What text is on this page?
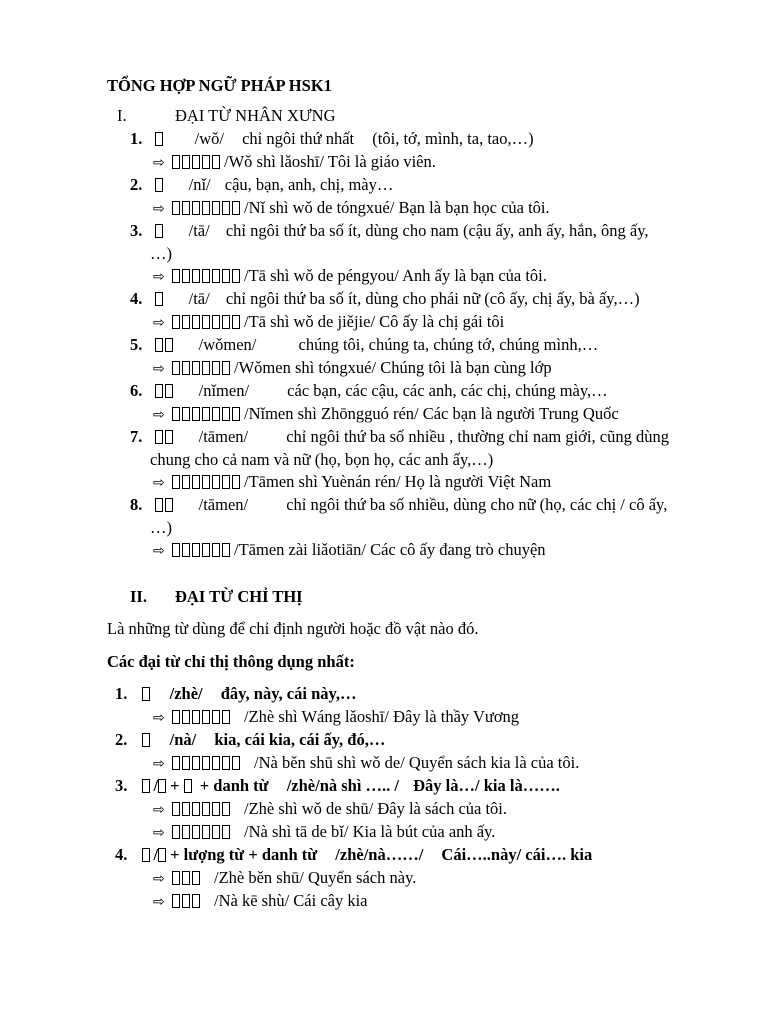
TỔNG HỢP NGỮ PHÁP HSK1
I.	ĐẠI TỪ NHÂN XƯNG
1.	/wǒ/ chỉ ngôi thứ nhất (tôi, tớ, mình, ta, tao,…)
⇨	/Wǒ shì lǎoshī/ Tôi là giáo viên.
2.	/nǐ/ cậu, bạn, anh, chị, mày…
⇨	/Nǐ shì wǒ de tóngxué/ Bạn là bạn học của tôi.
3.	/tā/ chỉ ngôi thứ ba số ít, dùng cho nam (cậu ấy, anh ấy, hắn, ông ấy,
…)
⇨	/Tā shì wǒ de péngyou/ Anh ấy là bạn của tôi.
4.	/tā/ chỉ ngôi thứ ba số ít, dùng cho phái nữ (cô ấy, chị ấy, bà ấy,…)
⇨	/Tā shì wǒ de jiějie/ Cô ấy là chị gái tôi
5.	/wǒmen/	chúng tôi, chúng ta, chúng tớ, chúng mình,…
⇨	/Wǒmen shì tóngxué/ Chúng tôi là bạn cùng lớp
6.	/nǐmen/ các bạn, các cậu, các anh, các chị, chúng mày,…
⇨	/Nǐmen shì Zhōngguó rén/ Các bạn là người Trung Quốc
7.	/tāmen/ chỉ ngôi thứ ba số nhiều , thường chỉ nam giới, cũng dùng
chung cho cả nam và nữ (họ, bọn họ, các anh ấy,…)
⇨	/Tāmen shì Yuènán rén/ Họ là người Việt Nam
8.	/tāmen/ chỉ ngôi thứ ba số nhiều, dùng cho nữ (họ, các chị / cô ấy,
…)
⇨	/Tāmen zài liǎotiān/ Các cô ấy đang trò chuyện
II. ĐẠI TỪ CHỈ THỊ
Là những từ dùng để chỉ định người hoặc đồ vật nào đó.
Các đại từ chỉ thị thông dụng nhất:
1.	/zhè/ đây, này, cái này,…
⇨	/Zhè shì Wáng lǎoshī/ Đây là thầy Vương
2.	/nà/ kia, cái kia, cái ấy, đó,…
⇨	/Nà běn shū shì wǒ de/ Quyển sách kia là của tôi.
3. / + + danh từ /zhè/nà shì ….. / Đây là…/ kia là…….
⇨	/Zhè shì wǒ de shū/ Đây là sách của tôi.
⇨	/Nà shì tā de bǐ/ Kia là bút của anh ấy.
4. / + lượng từ + danh từ /zhè/nà……/ Cái…..này/ cái…. kia
⇨	/Zhè běn shū/ Quyển sách này.
⇨	/Nà kē shù/ Cái cây kia
